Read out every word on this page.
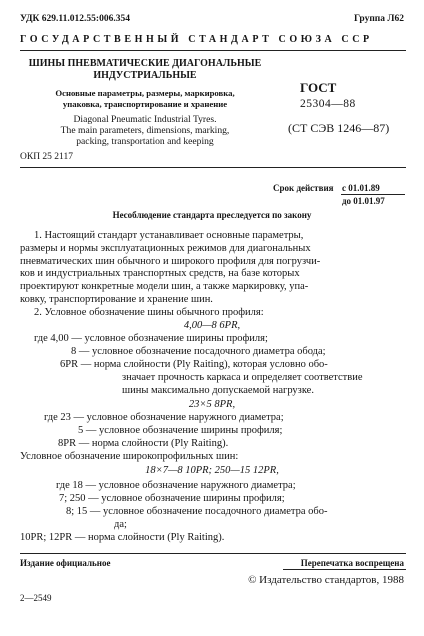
УДК 629.11.012.55:006.354	Группа Л62
ГОСУДАРСТВЕННЫЙ СТАНДАРТ СОЮЗА ССР
ШИНЫ ПНЕВМАТИЧЕСКИЕ ДИАГОНАЛЬНЫЕ
ИНДУСТРИАЛЬНЫЕ
Основные параметры, размеры, маркировка,
упаковка, транспортирование и хранение
Diagonal Pneumatic Industrial Tyres.
The main parameters, dimensions, marking,
packing, transportation and keeping
ОКП 25 2117
ГОСТ
25304—88
(СТ СЭВ 1246—87)
Срок действия с 01.01.89
до 01.01.97
Несоблюдение стандарта преследуется по закону
1. Настоящий стандарт устанавливает основные параметры,
размеры и нормы эксплуатационных режимов для диагональных
пневматических шин обычного и широкого профиля для погрузчи-
ков и индустриальных транспортных средств, на базе которых
проектируют конкретные модели шин, а также маркировку, упа-
ковку, транспортирование и хранение шин.
2. Условное обозначение шины обычного профиля:
4,00—8 6PR,
где 4,00 — условное обозначение ширины профиля;
8 — условное обозначение посадочного диаметра обода;
6PR — норма слойности (Ply Raiting), которая условно обо-
значает прочность каркаса и определяет соответствие
шины максимально допускаемой нагрузке.
23×5 8PR,
где 23 — условное обозначение наружного диаметра;
5 — условное обозначение ширины профиля;
8PR — норма слойности (Ply Raiting).
Условное обозначение широкопрофильных шин:
18×7—8 10PR; 250—15 12PR,
где 18 — условное обозначение наружного диаметра;
7; 250 — условное обозначение ширины профиля;
8; 15 — условное обозначение посадочного диаметра обо-
да;
10PR; 12PR — норма слойности (Ply Raiting).
Издание официальное	Перепечатка воспрещена
© Издательство стандартов, 1988
2—2549
